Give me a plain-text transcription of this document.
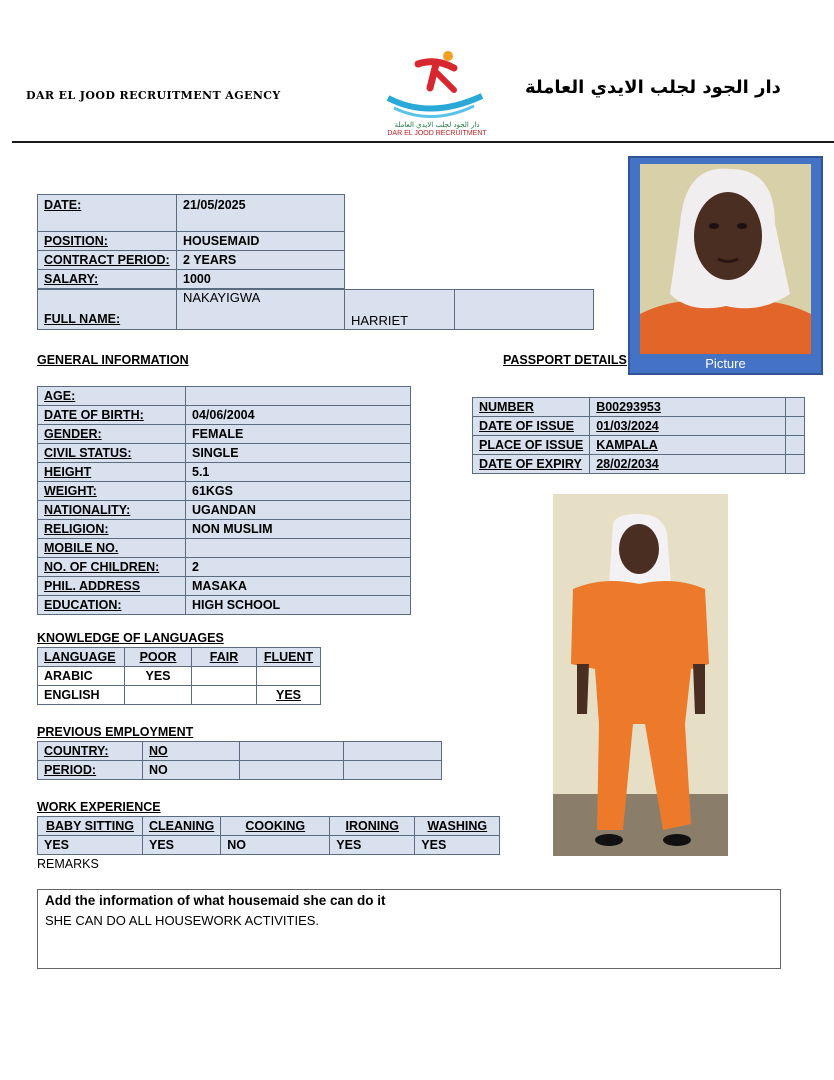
DAR EL JOOD RECRUITMENT AGENCY
دار الجود لجلب الايدي العاملة
DAR EL JOOD RECRUITMENT
دار الجود لجلب الايدي العاملة
DATE:	21/05/2025
POSITION:	HOUSEMAID
CONTRACT PERIOD:	2 YEARS
SALARY:	1000
FULL NAME:	NAKAYIGWA	HARRIET	
Picture
GENERAL INFORMATION
AGE:	
DATE OF BIRTH:	04/06/2004
GENDER:	FEMALE
CIVIL STATUS:	SINGLE
HEIGHT	5.1
WEIGHT:	61KGS
NATIONALITY:	UGANDAN
RELIGION:	NON MUSLIM
MOBILE NO.	
NO. OF CHILDREN:	2
PHIL. ADDRESS	MASAKA
EDUCATION:	HIGH SCHOOL
PASSPORT DETAILS
NUMBER	B00293953	
DATE OF ISSUE	01/03/2024	
PLACE OF ISSUE	KAMPALA	
DATE OF EXPIRY	28/02/2034	
KNOWLEDGE OF LANGUAGES
LANGUAGE	POOR	FAIR	FLUENT
ARABIC	YES		
ENGLISH			YES
PREVIOUS EMPLOYMENT
COUNTRY:	NO		
PERIOD:	NO		
WORK EXPERIENCE
BABY SITTING	CLEANING	COOKING	IRONING	WASHING
YES	YES	NO	YES	YES
REMARKS
Add the information of what housemaid she can do it
SHE CAN DO ALL HOUSEWORK ACTIVITIES.
